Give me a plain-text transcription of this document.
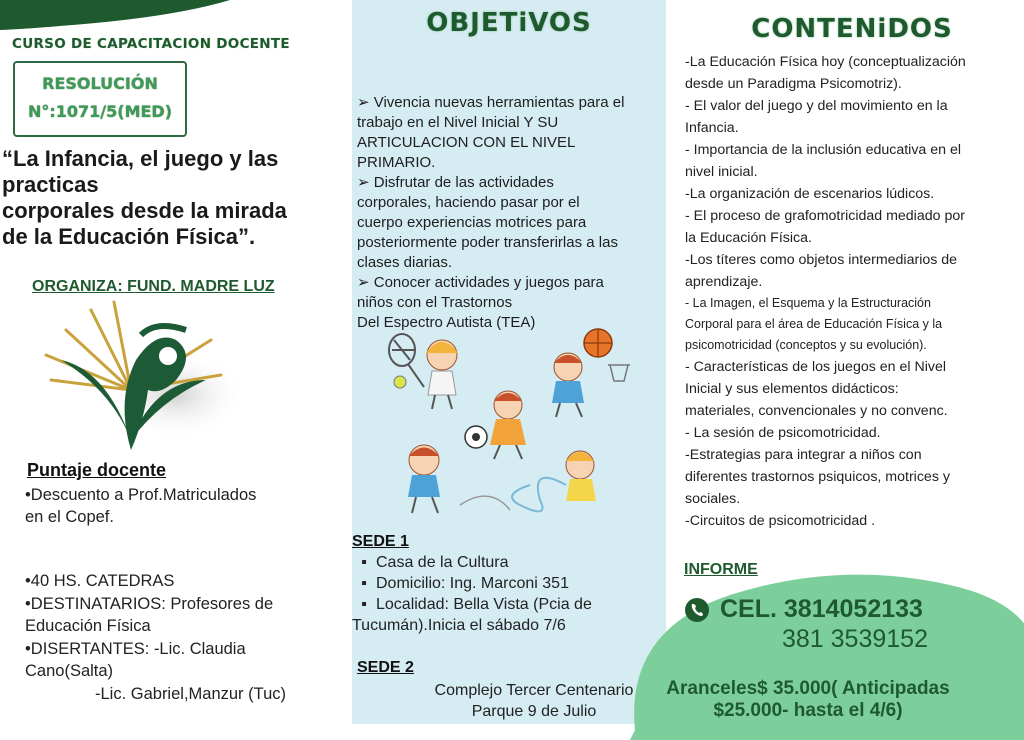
CURSO DE CAPACITACION DOCENTE
RESOLUCIÓN
N°:1071/5(MED)
“La Infancia, el juego y las
practicas
corporales desde la mirada
de la Educación Física”.
ORGANIZA: FUND. MADRE LUZ
Puntaje docente
•Descuento a Prof.Matriculados
en el Copef.
•40 HS. CATEDRAS
•DESTINATARIOS: Profesores de
Educación Física
•DISERTANTES: -Lic. Claudia
Cano(Salta)
-Lic. Gabriel,Manzur (Tuc)
OBJETiVOS
➢ Vivencia nuevas herramientas para el
trabajo en el Nivel Inicial Y SU
ARTICULACION CON EL NIVEL
PRIMARIO.
➢ Disfrutar de las actividades
corporales, haciendo pasar por el
cuerpo experiencias motrices para
posteriormente poder transferirlas a las
clases diarias.
➢ Conocer actividades y juegos para
niños con el Trastornos
Del Espectro Autista (TEA)
SEDE 1
▪ Casa de la Cultura
▪ Domicilio: Ing. Marconi 351
▪ Localidad: Bella Vista (Pcia de
Tucumán).Inicia el sábado 7/6
SEDE 2
Complejo Tercer Centenario
Parque 9 de Julio
CONTENiDOS
-La Educación Física hoy (conceptualización
desde un Paradigma Psicomotriz).
- El valor del juego y del movimiento en la
Infancia.
- Importancia de la inclusión educativa en el
nivel inicial.
-La organización de escenarios lúdicos.
- El proceso de grafomotricidad mediado por
la Educación Física.
-Los títeres como objetos intermediarios de
aprendizaje.
- La Imagen, el Esquema y la Estructuración
Corporal para el área de Educación Física y la
psicomotricidad (conceptos y su evolución).
- Características de los juegos en el Nivel
Inicial y sus elementos didácticos:
materiales, convencionales y no convenc.
- La sesión de psicomotricidad.
-Estrategias para integrar a niños con
diferentes trastornos psiquicos, motrices y
sociales.
-Circuitos de psicomotricidad .
INFORME
CEL. 3814052133
381 3539152
Aranceles$ 35.000( Anticipadas
$25.000- hasta el 4/6)
